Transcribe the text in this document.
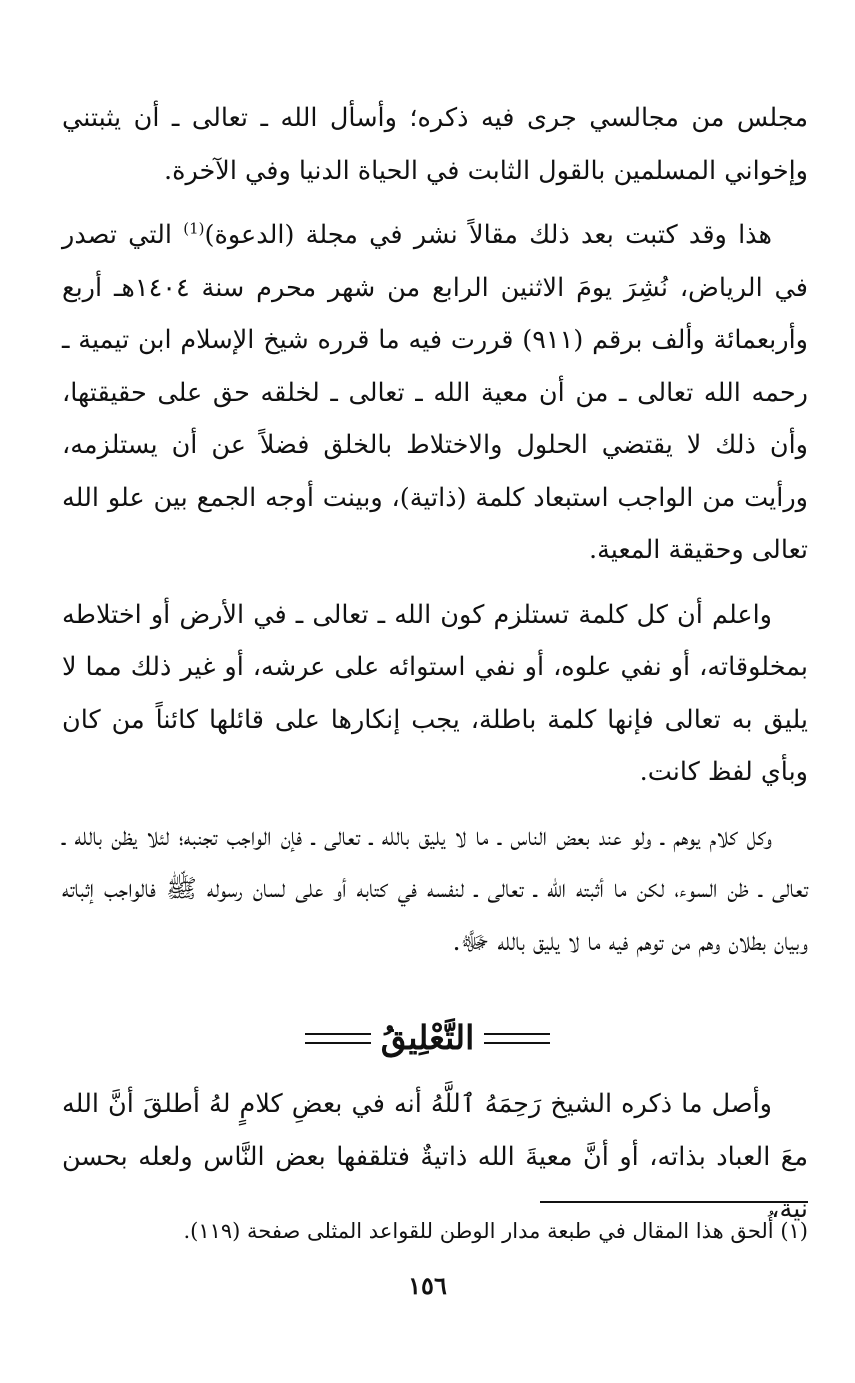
مجلس من مجالسي جرى فيه ذكره؛ وأسأل الله ـ تعالى ـ أن يثبتني وإخواني المسلمين بالقول الثابت في الحياة الدنيا وفي الآخرة.

هذا وقد كتبت بعد ذلك مقالاً نشر في مجلة (الدعوة)$^{(1)}$ التي تصدر في الرياض، نُشِرَ يومَ الاثنين الرابع من شهر محرم سنة ١٤٠٤هـ أربع وأربعمائة وألف برقم (٩١١) قررت فيه ما قرره شيخ الإسلام ابن تيمية ـ رحمه الله تعالى ـ من أن معية الله ـ تعالى ـ لخلقه حق على حقيقتها، وأن ذلك لا يقتضي الحلول والاختلاط بالخلق فضلاً عن أن يستلزمه، ورأيت من الواجب استبعاد كلمة (ذاتية)، وبينت أوجه الجمع بين علو الله تعالى وحقيقة المعية.

واعلم أن كل كلمة تستلزم كون الله ـ تعالى ـ في الأرض أو اختلاطه بمخلوقاته، أو نفي علوه، أو نفي استوائه على عرشه، أو غير ذلك مما لا يليق به تعالى فإنها كلمة باطلة، يجب إنكارها على قائلها كائناً من كان وبأي لفظ كانت.

وكل كلام يوهم ـ ولو عند بعض الناس ـ ما لا يليق بالله ـ تعالى ـ فإن الواجب تجنبه؛ لئلا يظن بالله ـ تعالى ـ ظن السوء، لكن ما أثبته الله ـ تعالى ـ لنفسه في كتابه أو على لسان رسوله ﷺ فالواجب إثباته وبيان بطلان وهم من توهم فيه ما لا يليق بالله ﷻ.

التَّعْلِيقُ

وأصل ما ذكره الشيخ رَحِمَهُ ٱللَّهُ أنه في بعضِ كلامٍ لهُ أطلقَ أنَّ الله معَ العباد بذاته، أو أنَّ معيةَ الله ذاتيةٌ فتلقفها بعض النَّاس ولعله بحسن نية،

(١) أُلحق هذا المقال في طبعة مدار الوطن للقواعد المثلى صفحة (١١٩).
١٥٦
